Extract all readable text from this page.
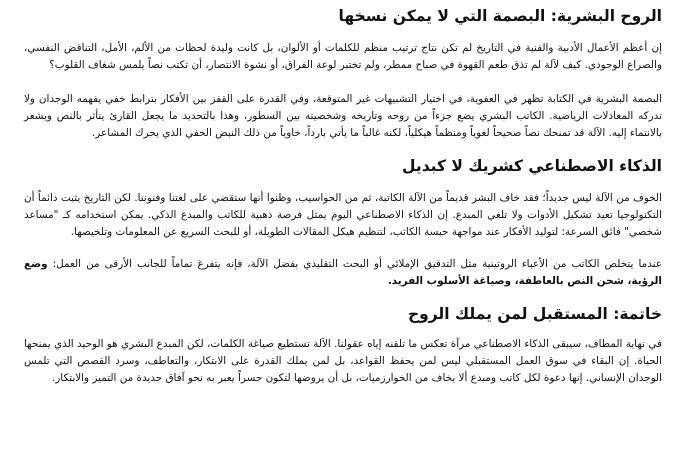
الروح البشرية: البصمة التي لا يمكن نسخها

إن أعظم الأعمال الأدبية والفنية في التاريخ لم تكن نتاج ترتيب منظم للكلمات أو الألوان، بل كانت وليدة لحظات من الألم، الأمل، التناقض النفسي، والصراع الوجودي. كيف لآلة لم تذق طعم القهوة في صباح ممطر، ولم تختبر لوعة الفراق، أو نشوة الانتصار، أن تكتب نصاً يلمس شغاف القلوب؟

البصمة البشرية في الكتابة تظهر في العفوية، في اختيار التشبيهات غير المتوقعة، وفي القدرة على القفز بين الأفكار بترابط خفي يفهمه الوجدان ولا تدركه المعادلات الرياضية. الكاتب البشري يضع جزءاً من روحه وتاريخه وشخصيته بين السطور، وهذا بالتحديد ما يجعل القارئ يتأثر بالنص ويشعر بالانتماء إليه. الآلة قد تمنحك نصاً صحيحاً لغوياً ومنظماً هيكلياً، لكنه غالباً ما يأتي بارداً، خاوياً من ذلك النبض الخفي الذي يحرك المشاعر.

الذكاء الاصطناعي كشريك لا كبديل

الخوف من الآلة ليس جديداً؛ فقد خاف البشر قديماً من الآلة الكاتبة، ثم من الحواسيب، وظنوا أنها ستقضي على لغتنا وفنوننا. لكن التاريخ يثبت دائماً أن التكنولوجيا تعيد تشكيل الأدوات ولا تلغي المبدع. إن الذكاء الاصطناعي اليوم يمثل فرصة ذهبية للكاتب والمبدع الذكي. يمكن استخدامه كـ "مساعد شخصي" فائق السرعة: لتوليد الأفكار عند مواجهة حبسة الكاتب، لتنظيم هيكل المقالات الطويلة، أو للبحث السريع عن المعلومات وتلخيصها.

عندما يتخلص الكاتب من الأعباء الروتينية مثل التدقيق الإملائي أو البحث التقليدي بفضل الآلة، فإنه يتفرغ تماماً للجانب الأرقى من العمل: وضع الرؤية، شحن النص بالعاطفة، وصياغة الأسلوب الفريد.

خاتمة: المستقبل لمن يملك الروح

في نهاية المطاف، سيبقى الذكاء الاصطناعي مرآة تعكس ما تلقنه إياه عقولنا. الآلة تستطيع صياغة الكلمات، لكن المبدع البشري هو الوحيد الذي يمنحها الحياة. إن البقاء في سوق العمل المستقبلي ليس لمن يحفظ القواعد، بل لمن يملك القدرة على الابتكار، والتعاطف، وسرد القصص التي تلمس الوجدان الإنساني. إنها دعوة لكل كاتب ومبدع ألا يخاف من الخوارزميات، بل أن يروضها لتكون جسراً يعبر به نحو آفاق جديدة من التميز والابتكار.
